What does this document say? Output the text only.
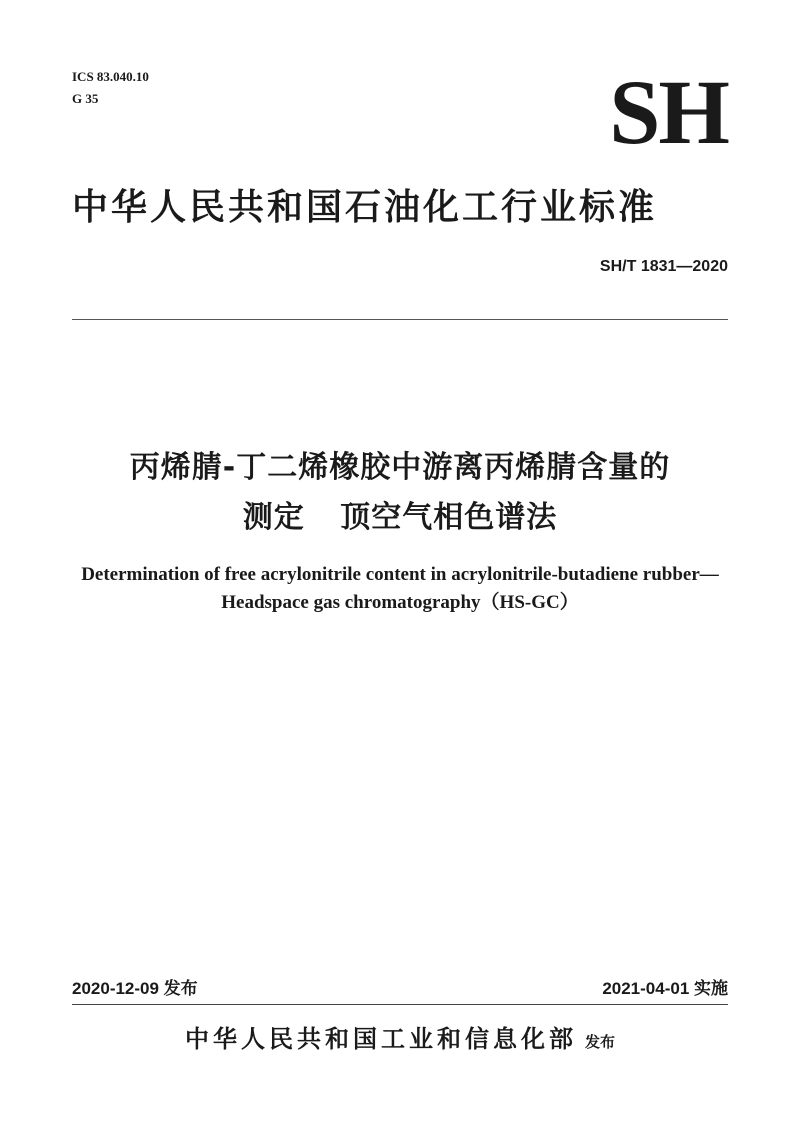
ICS 83.040.10
G 35	SH
中华人民共和国石油化工行业标准
SH/T 1831—2020
丙烯腈-丁二烯橡胶中游离丙烯腈含量的
测定 顶空气相色谱法
Determination of free acrylonitrile content in acrylonitrile-butadiene rubber—
Headspace gas chromatography（HS-GC）
2020-12-09 发布	2021-04-01 实施
中华人民共和国工业和信息化部 发布
